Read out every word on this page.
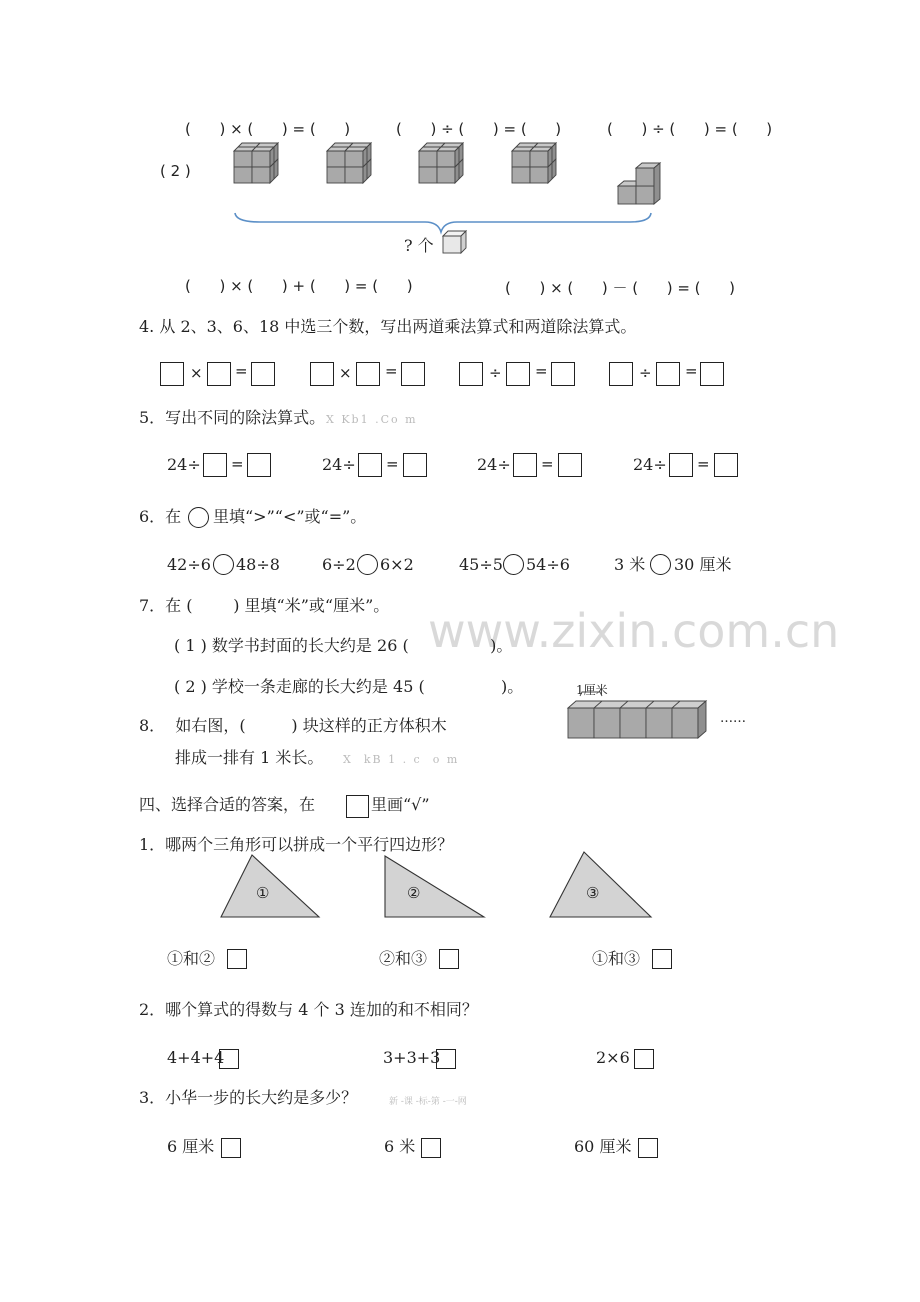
www.zixin.com.cn
(      ) × (      ) = (      )	(      ) ÷ (      ) = (      )	(      ) ÷ (      ) = (      )
( 2 )
? 个
(      ) × (      ) + (      ) = (      )	(      ) × (      ) － (      ) = (      )
4. 从 2、3、6、18 中选三个数，写出两道乘法算式和两道除法算式。
× =	× =	÷ =	÷ =
5．写出不同的除法算式。 X Kb1 .Co m
24÷ =	24÷ =	24÷ =	24÷ =
6．在 里填“>”“<”或“=”。
42÷6 48÷8	6÷2 6×2	45÷5 54÷6	3 米 30 厘米
7．在 (        ) 里填“米”或“厘米”。
( 1 ) 数学书封面的长大约是 26 (                )。
( 2 ) 学校一条走廊的长大约是 45 (               )。
8．  如右图，(         ) 块这样的正方体积木
排成一排有 1 米长。 X  kB 1 . c  o m
1厘米
……
四、选择合适的答案，在	里画“√”
1．哪两个三角形可以拼成一个平行四边形？
①	②	③
①和②	②和③	①和③
2．哪个算式的得数与 4 个 3 连加的和不相同？
4+4+4	3+3+3	2×6
3．小华一步的长大约是多少？	新 -课 -标-第 -一-网
6 厘米	6 米	60 厘米
